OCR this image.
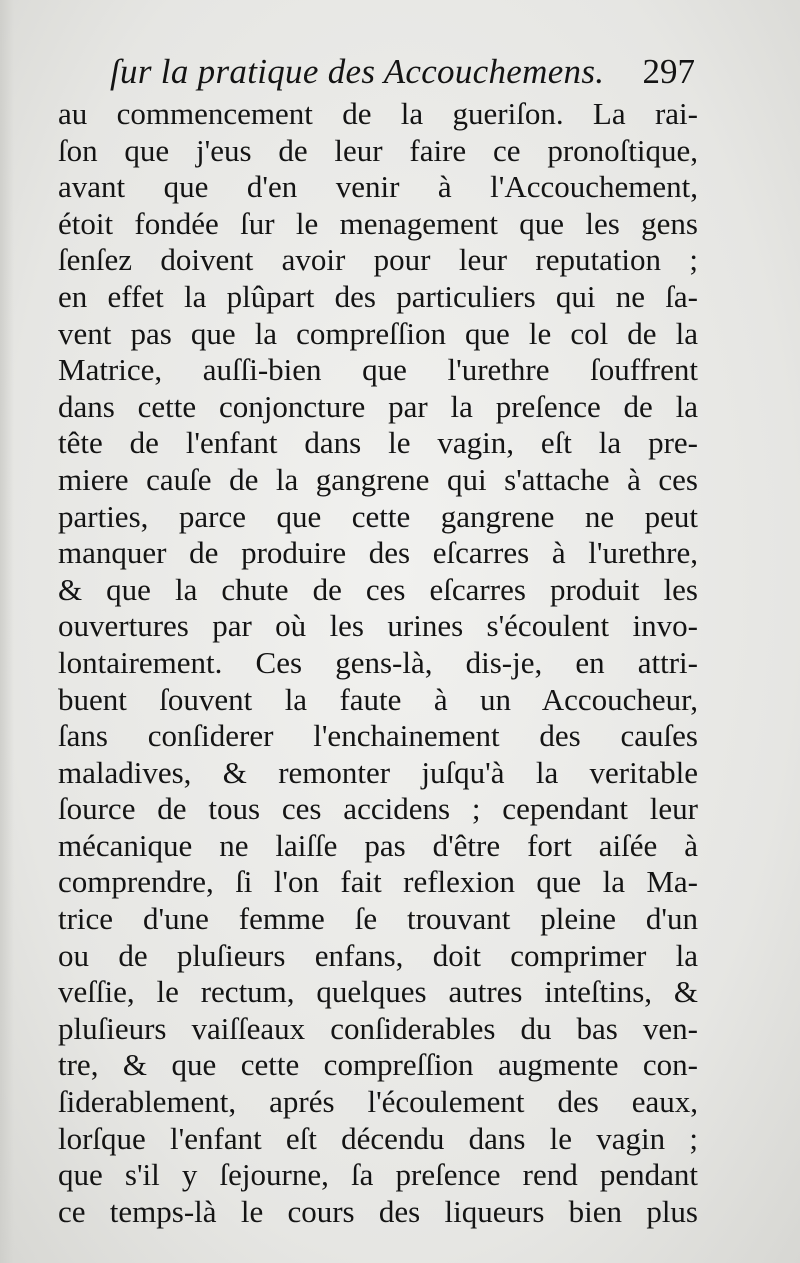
ſur la pratique des Accouchemens. 297
au commencement de la gueriſon. La rai-
ſon que j'eus de leur faire ce pronoſtique,
avant que d'en venir à l'Accouchement,
étoit fondée ſur le menagement que les gens
ſenſez doivent avoir pour leur reputation ;
en effet la plûpart des particuliers qui ne ſa-
vent pas que la compreſſion que le col de la
Matrice, auſſi-bien que l'urethre ſouffrent
dans cette conjoncture par la preſence de la
tête de l'enfant dans le vagin, eſt la pre-
miere cauſe de la gangrene qui s'attache à ces
parties, parce que cette gangrene ne peut
manquer de produire des eſcarres à l'urethre,
& que la chute de ces eſcarres produit les
ouvertures par où les urines s'écoulent invo-
lontairement. Ces gens-là, dis-je, en attri-
buent ſouvent la faute à un Accoucheur,
ſans conſiderer l'enchainement des cauſes
maladives, & remonter juſqu'à la veritable
ſource de tous ces accidens ; cependant leur
mécanique ne laiſſe pas d'être fort aiſée à
comprendre, ſi l'on fait reflexion que la Ma-
trice d'une femme ſe trouvant pleine d'un
ou de pluſieurs enfans, doit comprimer la
veſſie, le rectum, quelques autres inteſtins, &
pluſieurs vaiſſeaux conſiderables du bas ven-
tre, & que cette compreſſion augmente con-
ſiderablement, aprés l'écoulement des eaux,
lorſque l'enfant eſt décendu dans le vagin ;
que s'il y ſejourne, ſa preſence rend pendant
ce temps-là le cours des liqueurs bien plus
